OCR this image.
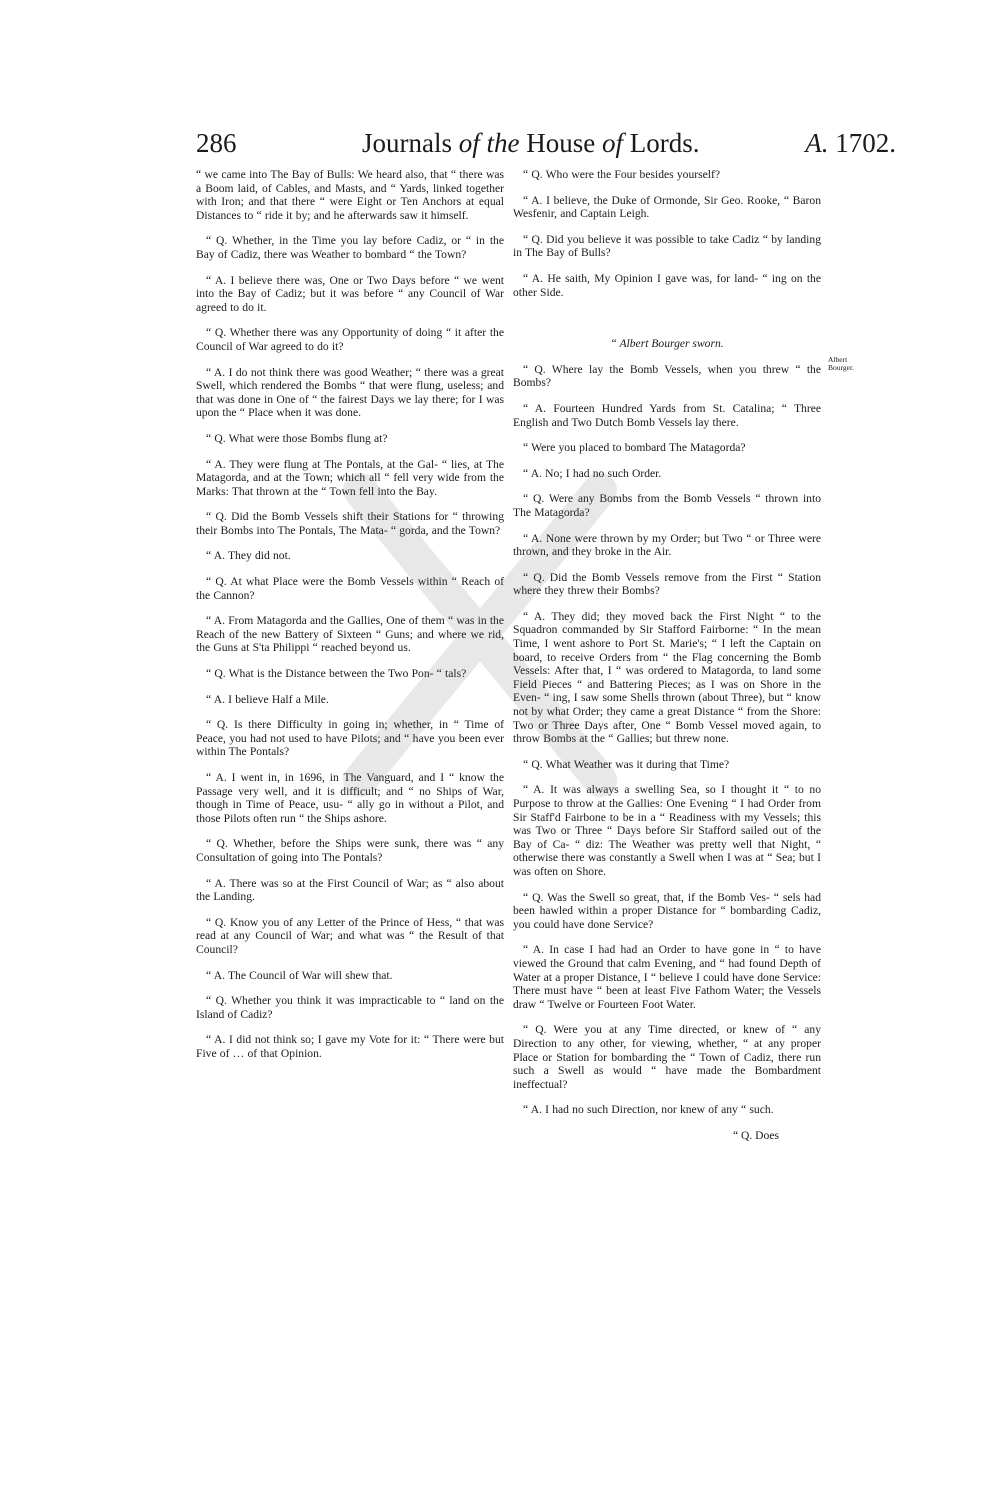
286	Journals of the House of Lords.	A. 1702.

“ we came into The Bay of Bulls: We heard also, that “ there was a Boom laid, of Cables, and Masts, and “ Yards, linked together with Iron; and that there “ were Eight or Ten Anchors at equal Distances to “ ride it by; and he afterwards saw it himself.

“ Q. Whether, in the Time you lay before Cadiz, or “ in the Bay of Cadiz, there was Weather to bombard “ the Town?

“ A. I believe there was, One or Two Days before “ we went into the Bay of Cadiz; but it was before “ any Council of War agreed to do it.

“ Q. Whether there was any Opportunity of doing “ it after the Council of War agreed to do it?

“ A. I do not think there was good Weather; “ there was a great Swell, which rendered the Bombs “ that were flung, useless; and that was done in One of “ the fairest Days we lay there; for I was upon the “ Place when it was done.

“ Q. What were those Bombs flung at?

“ A. They were flung at The Pontals, at the Gal- “ lies, at The Matagorda, and at the Town; which all “ fell very wide from the Marks: That thrown at the “ Town fell into the Bay.

“ Q. Did the Bomb Vessels shift their Stations for “ throwing their Bombs into The Pontals, The Mata- “ gorda, and the Town?

“ A. They did not.

“ Q. At what Place were the Bomb Vessels within “ Reach of the Cannon?

“ A. From Matagorda and the Gallies, One of them “ was in the Reach of the new Battery of Sixteen “ Guns; and where we rid, the Guns at S'ta Philippi “ reached beyond us.

“ Q. What is the Distance between the Two Pon- “ tals?

“ A. I believe Half a Mile.

“ Q. Is there Difficulty in going in; whether, in “ Time of Peace, you had not used to have Pilots; and “ have you been ever within The Pontals?

“ A. I went in, in 1696, in The Vanguard, and I “ know the Passage very well, and it is difficult; and “ no Ships of War, though in Time of Peace, usu- “ ally go in without a Pilot, and those Pilots often run “ the Ships ashore.

“ Q. Whether, before the Ships were sunk, there was “ any Consultation of going into The Pontals?

“ A. There was so at the First Council of War; as “ also about the Landing.

“ Q. Know you of any Letter of the Prince of Hess, “ that was read at any Council of War; and what was “ the Result of that Council?

“ A. The Council of War will shew that.

“ Q. Whether you think it was impracticable to “ land on the Island of Cadiz?

“ A. I did not think so; I gave my Vote for it: “ There were but Five of … of that Opinion.

“ Q. Who were the Four besides yourself?

“ A. I believe, the Duke of Ormonde, Sir Geo. Rooke, “ Baron Wesfenir, and Captain Leigh.

“ Q. Did you believe it was possible to take Cadiz “ by landing in The Bay of Bulls?

“ A. He saith, My Opinion I gave was, for land- “ ing on the other Side.

“ Albert Bourger sworn.

“ Q. Where lay the Bomb Vessels, when you threw “ the Bombs?

“ A. Fourteen Hundred Yards from St. Catalina; “ Three English and Two Dutch Bomb Vessels lay there.

“ Were you placed to bombard The Matagorda?

“ A. No; I had no such Order.

“ Q. Were any Bombs from the Bomb Vessels “ thrown into The Matagorda?

“ A. None were thrown by my Order; but Two “ or Three were thrown, and they broke in the Air.

“ Q. Did the Bomb Vessels remove from the First “ Station where they threw their Bombs?

“ A. They did; they moved back the First Night “ to the Squadron commanded by Sir Stafford Fairborne: “ In the mean Time, I went ashore to Port St. Marie's; “ I left the Captain on board, to receive Orders from “ the Flag concerning the Bomb Vessels: After that, I “ was ordered to Matagorda, to land some Field Pieces “ and Battering Pieces; as I was on Shore in the Even- “ ing, I saw some Shells thrown (about Three), but “ know not by what Order; they came a great Distance “ from the Shore: Two or Three Days after, One “ Bomb Vessel moved again, to throw Bombs at the “ Gallies; but threw none.

“ Q. What Weather was it during that Time?

“ A. It was always a swelling Sea, so I thought it “ to no Purpose to throw at the Gallies: One Evening “ I had Order from Sir Staff'd Fairbone to be in a “ Readiness with my Vessels; this was Two or Three “ Days before Sir Stafford sailed out of the Bay of Ca- “ diz: The Weather was pretty well that Night, “ otherwise there was constantly a Swell when I was at “ Sea; but I was often on Shore.

“ Q. Was the Swell so great, that, if the Bomb Ves- “ sels had been hawled within a proper Distance for “ bombarding Cadiz, you could have done Service?

“ A. In case I had had an Order to have gone in “ to have viewed the Ground that calm Evening, and “ had found Depth of Water at a proper Distance, I “ believe I could have done Service: There must have “ been at least Five Fathom Water; the Vessels draw “ Twelve or Fourteen Foot Water.

“ Q. Were you at any Time directed, or knew of “ any Direction to any other, for viewing, whether, “ at any proper Place or Station for bombarding the “ Town of Cadiz, there run such a Swell as would “ have made the Bombardment ineffectual?

“ A. I had no such Direction, nor knew of any “ such.

“ Q. Does
Albert Bourger.
